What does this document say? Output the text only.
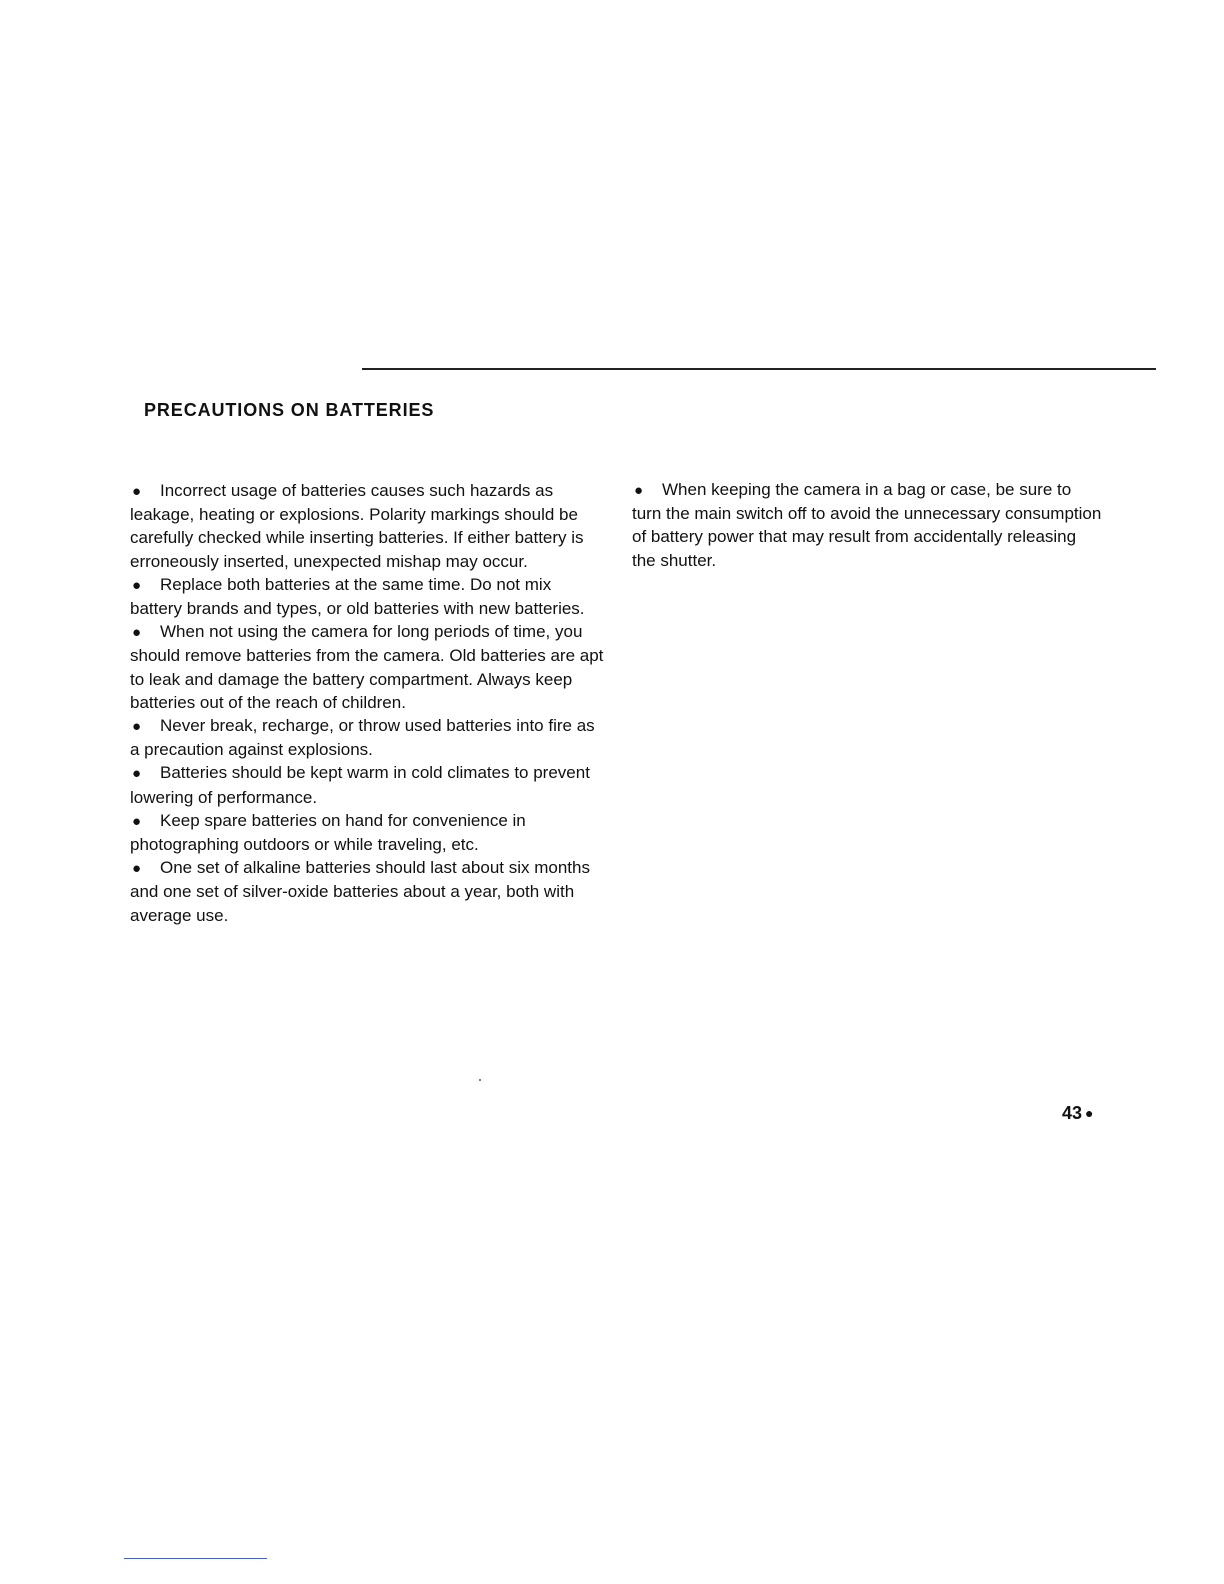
PRECAUTIONS ON BATTERIES
● Incorrect usage of batteries causes such hazards as leakage, heating or explosions. Polarity markings should be carefully checked while inserting batteries. If either battery is erroneously inserted, unexpected mishap may occur.
● Replace both batteries at the same time. Do not mix battery brands and types, or old batteries with new batteries.
● When not using the camera for long periods of time, you should remove batteries from the camera. Old batteries are apt to leak and damage the battery compartment. Always keep batteries out of the reach of children.
● Never break, recharge, or throw used batteries into fire as a precaution against explosions.
● Batteries should be kept warm in cold climates to prevent lowering of performance.
● Keep spare batteries on hand for convenience in photographing outdoors or while traveling, etc.
● One set of alkaline batteries should last about six months and one set of silver-oxide batteries about a year, both with average use.
● When keeping the camera in a bag or case, be sure to turn the main switch off to avoid the unnecessary consumption of battery power that may result from accidentally releasing the shutter.
43 ●
